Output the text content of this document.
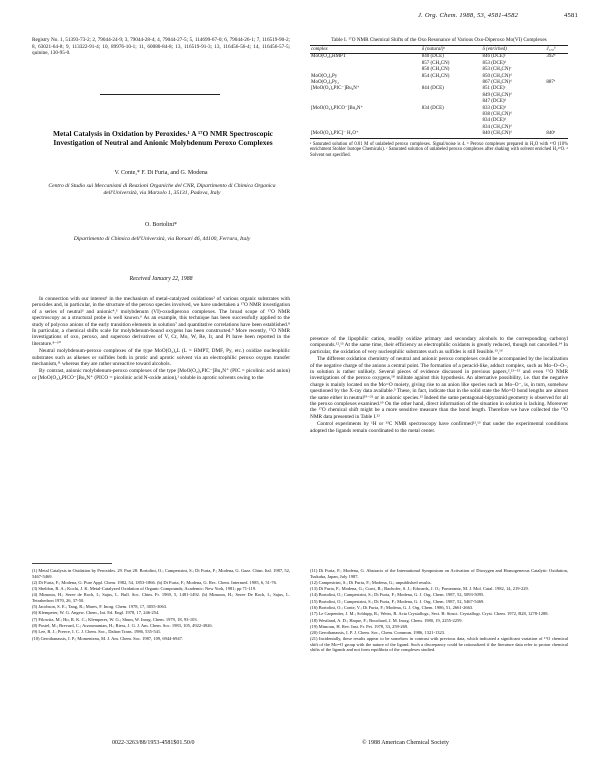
J. Org. Chem. 1988, 53, 4581-4582	4581
Registry No. 1, 51393-73-2; 2, 79044-24-9; 3, 79044-28-4; 4, 79044-27-5; 5, 114699-67-0; 6, 79044-26-1; 7, 116519-90-2; 8, 63021-64-8; 9, 113322-91-4; 10, 89976-10-1; 11, 60080-84-8; 13, 116519-91-3; 13, 116456-56-4; 14, 116456-57-5; quinine, 130-95-0.
Metal Catalysis in Oxidation by Peroxides.¹ A ¹⁷O NMR Spectroscopic Investigation of Neutral and Anionic Molybdenum Peroxo Complexes
V. Conte,* F. Di Furia, and G. Modena
Centro di Studio sui Meccanismi di Reazioni Organiche del CNR, Dipartimento di Chimica Organica dell'Università, via Marzolo 1, 35131, Padova, Italy
O. Bortolini*
Dipartimento di Chimica dell'Università, via Borsari 46, 44100, Ferrara, Italy
Received January 22, 1988

In connection with our interest¹ in the mechanism of metal-catalyzed oxidations² of various organic substrates with peroxides and, in particular, in the structure of the peroxo species involved, we have undertaken a ¹⁷O NMR investigation of a series of neutral³ and anionic⁴,⁵ molybdenum (VI)-oxodiperoxo complexes. The broad scope of ¹⁷O NMR spectroscopy as a structural probe is well known.⁶ As an example, this technique has been successfully applied to the study of polyoxo anions of the early transition elements in solution⁷ and quantitative correlations have been established.⁸ In particular, a chemical shifts scale for molybdenum-bound oxygens has been constructed.⁹ More recently, ¹⁷O NMR investigations of oxo, peroxo, and superoxo derivatives of V, Cr, Mo, W, Re, Ir, and Pt have been reported in the literature.⁸⁻¹⁰

Neutral molybdenum-peroxo complexes of the type MoO(O₂)₂L (L = HMPT, DMF, Py, etc.) oxidize nucleophilic substrates such as alkenes or sulfides both in protic and aprotic solvent via an electrophilic peroxo oxygen transfer mechanism,¹¹ whereas they are rather unreactive toward alcohols.

By contrast, anionic molybdenum-peroxo complexes of the type [MoO(O₂)₂PIC⁻]Bu₄N⁺ (PIC = picolinic acid anion) or [MoO(O₂)₂PICO⁻]Bu₄N⁺ (PICO = picolinic acid N-oxide anion),¹ soluble in aprotic solvents owing to the

Table I. ¹⁷O NMR Chemical Shifts of the Oxo Resonance of Various Oxo-Diperoxo Mo(VI) Complexes
complex	δ (natural)ᵃ	δ (enriched)	J₁₇₀ᵇ
MoO(O₂)₂HMPT	840 (DCE)	846 (DCE)ᶜ	392ᵈ
	857 (CH₃CN)	853 (DCE)ᵈ	
	850 (CH₃CN)	853 (CH₃CN)ᶜ	
MoO(O₂)₂Py	854 (CH₃CN)	850 (CH₃CN)ᵈ	
MoO(O₂)₂Py₂		867 (CH₃CN)ᵈ	887ᵉ
[MoO(O₂)₂PIC⁻]Bu₄N⁺	844 (DCE)	851 (DCE)ᶜ	
		849 (CH₃CN)ᵈ	
		847 (DCE)ᵈ	
[MoO(O₂)₂PICO⁻]Bu₄N⁺	834 (DCE)	833 (DCE)ᵈ	
		838 (CH₃CN)ᵈ	
		834 (DCE)ᵈ	
		834 (CH₃CN)ᵈ	
[MoO(O₂)₂PIC]⁻ H₃O⁺		840 (CH₃CN)ᵈ	840ᵉ
ᵃ Saturated solution of 0.01 M of unlabeled peroxo complexes. Signal/noise is 4. ᵇ Peroxo complexes prepared in H₂O with ¹⁷O (10% enrichment Stohler Isotope Chemicals). ᶜ Saturated solution of unlabeled peroxo complexes after shaking with solvent enriched H₂¹⁷O. ᵈ Solvent not specified.

presence of the lipophilic cation, readily oxidize primary and secondary alcohols to the corresponding carbonyl compounds.¹²,¹³ At the same time, their efficiency as electrophilic oxidants is greatly reduced, though not cancelled.¹⁴ In particular, the oxidation of very nucleophilic substrates such as sulfides is still feasible.¹⁵,¹⁶

The different oxidation chemistry of neutral and anionic peroxo complexes could be accompanied by the localization of the negative charge of the anions a central point. The formation of a peracid-like, adduct complex, such as Mo–O–O–, in solution is rather unlikely. Several pieces of evidence discussed in previous papers,²,¹³⁻¹⁵ and even ¹⁷O NMR investigations of the peroxo oxygens,¹⁸ militate against this hypothesis. An alternative possibility, i.e. that the negative charge is mainly located on the Mo=O moiety, giving rise to an anion like species such as Mo–O⁻, is, in turn, somehow questioned by the X-ray data available.³ These, in fact, indicate that in the solid state the Mo=O bond lengths are almost the same either in neutral¹⁹⁻²¹ or in anionic species.¹³ Indeed the same pentagonal-bipyramid geometry is observed for all the peroxo complexes examined.¹⁹ On the other hand, direct information of the situation in solution is lacking. Moreover the ¹⁷O chemical shift might be a more sensitive measure than the bond length. Therefore we have collected the ¹⁷O NMR data presented in Table I.²²

Control experiments by ¹H or ¹³C NMR spectroscopy have confirmed¹²,¹³ that under the experimental conditions adopted the ligands remain coordinated to the metal center.

(1) Metal Catalysis in Oxidation by Peroxides. 29. Part 28: Bortolini, O.; Campestrini, S.; Di Furia, F.; Modena, G. Gazz. Chim. Ital. 1987, 52, 5467-5469.
(2) Di Furia, F.; Modena, G. Pure Appl. Chem. 1982, 54, 1853-1866. (b) Di Furia, F.; Modena, G. Rec. Chem. Intermed. 1985, 6, 51-76.
(3) Sheldon, R. A.; Kochi, J. K. Metal-Catalyzed Oxidation of Organic Compounds; Academic: New York, 1981; pp 71-119.
(4) Mimoun, H.; Seree de Roch, I.; Sajus, L. Bull. Soc. Chim. Fr. 1969, 5, 1481-1492. (b) Mimoun, H.; Seree De Roch, I.; Sajus, L. Tetrahedron 1970, 26, 37-50.
(5) Jacobson, S. E.; Tang, R.; Mares, F. Inorg. Chem. 1978, 17, 3055-3063.
(6) Klemperer, W. G. Angew. Chem., Int. Ed. Engl. 1978, 17, 246-254.
(7) Filowitz, M.; Ho, R. K. C.; Klemperer, W. G.; Shum, W. Inorg. Chem. 1979, 18, 93-103.
(8) Postel, M.; Brevard, C.; Arzoumanian, H.; Riess, J. G. J. Am. Chem. Soc. 1983, 105, 4922-4926.
(9) Lee, R. J.; Preece, I. C. J. Chem. Soc., Dalton Trans. 1986, 535-541.
(10) Gerothanassis, I. P.; Momenteau, M. J. Am. Chem. Soc. 1987, 109, 6944-6947.
(11) Di Furia, F.; Modena, G. Abstracts of the International Symposium on Activation of Dioxygen and Homogeneous Catalytic Oxidation, Tsukuba, Japan, July 1987.
(12) Campestrini, S.; Di Furia, F.; Modena, G.; unpublished results.
(13) Di Furia, F.; Modena, G.; Curci, R.; Bachofer, S. J.; Edwards, J. O.; Pomerantz, M. J. Mol. Catal. 1982, 14, 219-229.
(14) Bortolini, O.; Campestrini, S.; Di Furia, F.; Modena, G. J. Org. Chem. 1987, 52, 5093-5095.
(15) Bortolini, O.; Campestrini, S.; Di Furia, F.; Modena, G. J. Org. Chem. 1987, 52, 5467-5469.
(16) Bortolini, O.; Conte, V.; Di Furia, F.; Modena, G. J. Org. Chem. 1986, 51, 2661-2663.
(17) Le Carpentier, J. M.; Schlupp, R.; Weiss, R. Acta Crystallogr., Sect. B: Struct. Crystallogr. Cryst. Chem. 1972, B28, 1278-1288.
(18) Westland, A. D.; Haque, F.; Bouchard, J. M. Inorg. Chem. 1980, 19, 2255-2259.
(19) Mimoun, H. Rev. Inst. Fr. Pet. 1978, 33, 259-269.
(20) Gerothanassis, I. P. J. Chem. Soc., Chem. Commun. 1986, 1321-1323.
(21) Incidentally, these results appear to be somehow in contrast with previous data, which indicated a significant variation of ¹⁷O chemical shift of the Mo=O group with the nature of the ligand. Such a discrepancy could be rationalized if the literature data refer to proton chemical shifts of the ligands and not from equilibria of the complexes studied.
0022-3263/88/1953-4581$01.50/0	© 1988 American Chemical Society
